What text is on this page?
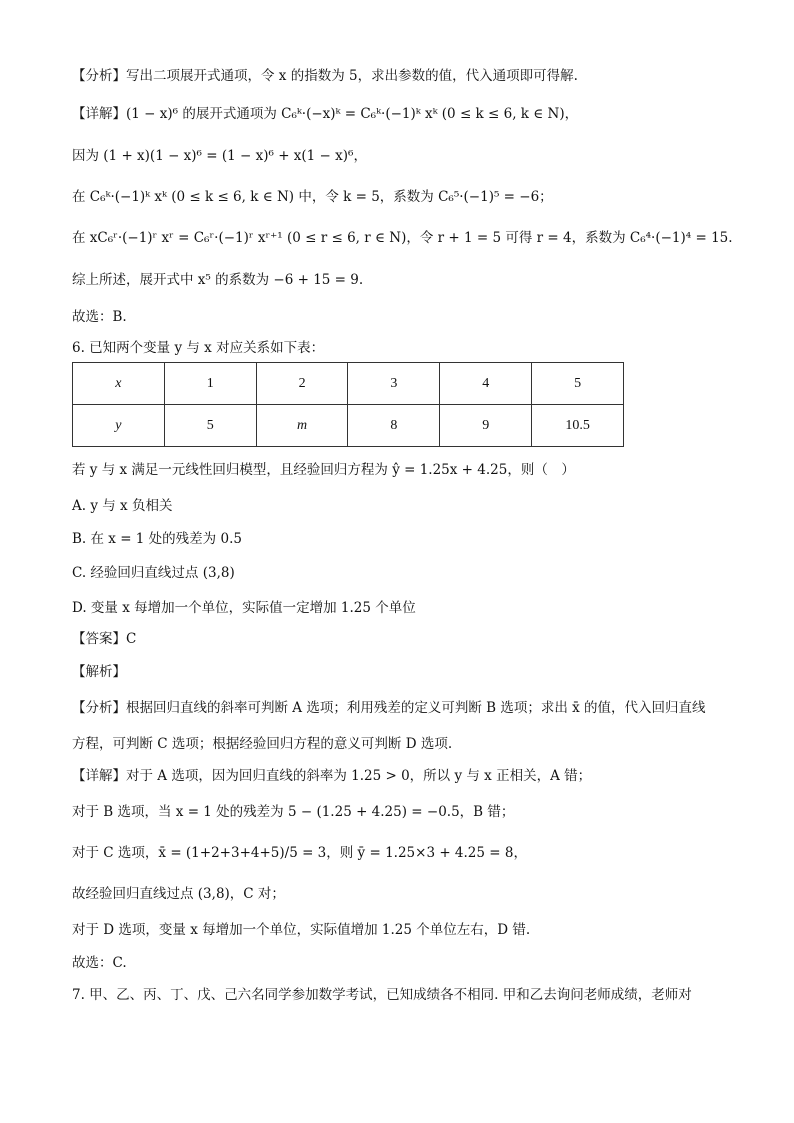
【分析】写出二项展开式通项，令 x 的指数为 5，求出参数的值，代入通项即可得解.
【详解】(1 − x)⁶ 的展开式通项为 C₆ᵏ·(−x)ᵏ = C₆ᵏ·(−1)ᵏ xᵏ (0 ≤ k ≤ 6, k ∈ N)，
因为 (1 + x)(1 − x)⁶ = (1 − x)⁶ + x(1 − x)⁶，
在 C₆ᵏ·(−1)ᵏ xᵏ (0 ≤ k ≤ 6, k ∈ N) 中，令 k = 5，系数为 C₆⁵·(−1)⁵ = −6；
在 xC₆ʳ·(−1)ʳ xʳ = C₆ʳ·(−1)ʳ xʳ⁺¹ (0 ≤ r ≤ 6, r ∈ N)，令 r + 1 = 5 可得 r = 4，系数为 C₆⁴·(−1)⁴ = 15.
综上所述，展开式中 x⁵ 的系数为 −6 + 15 = 9.
故选：B.
6. 已知两个变量 y 与 x 对应关系如下表：
x	1	2	3	4	5
y	5	m	8	9	10.5
若 y 与 x 满足一元线性回归模型，且经验回归方程为 ŷ = 1.25x + 4.25，则（　）
A. y 与 x 负相关
B. 在 x = 1 处的残差为 0.5
C. 经验回归直线过点 (3,8)
D. 变量 x 每增加一个单位，实际值一定增加 1.25 个单位
【答案】C
【解析】
【分析】根据回归直线的斜率可判断 A 选项；利用残差的定义可判断 B 选项；求出 x̄ 的值，代入回归直线
方程，可判断 C 选项；根据经验回归方程的意义可判断 D 选项.
【详解】对于 A 选项，因为回归直线的斜率为 1.25 > 0，所以 y 与 x 正相关，A 错；
对于 B 选项，当 x = 1 处的残差为 5 − (1.25 + 4.25) = −0.5，B 错；
对于 C 选项，x̄ = (1+2+3+4+5)/5 = 3，则 ȳ = 1.25×3 + 4.25 = 8，
故经验回归直线过点 (3,8)，C 对；
对于 D 选项，变量 x 每增加一个单位，实际值增加 1.25 个单位左右，D 错.
故选：C.
7. 甲、乙、丙、丁、戊、己六名同学参加数学考试，已知成绩各不相同. 甲和乙去询问老师成绩，老师对
